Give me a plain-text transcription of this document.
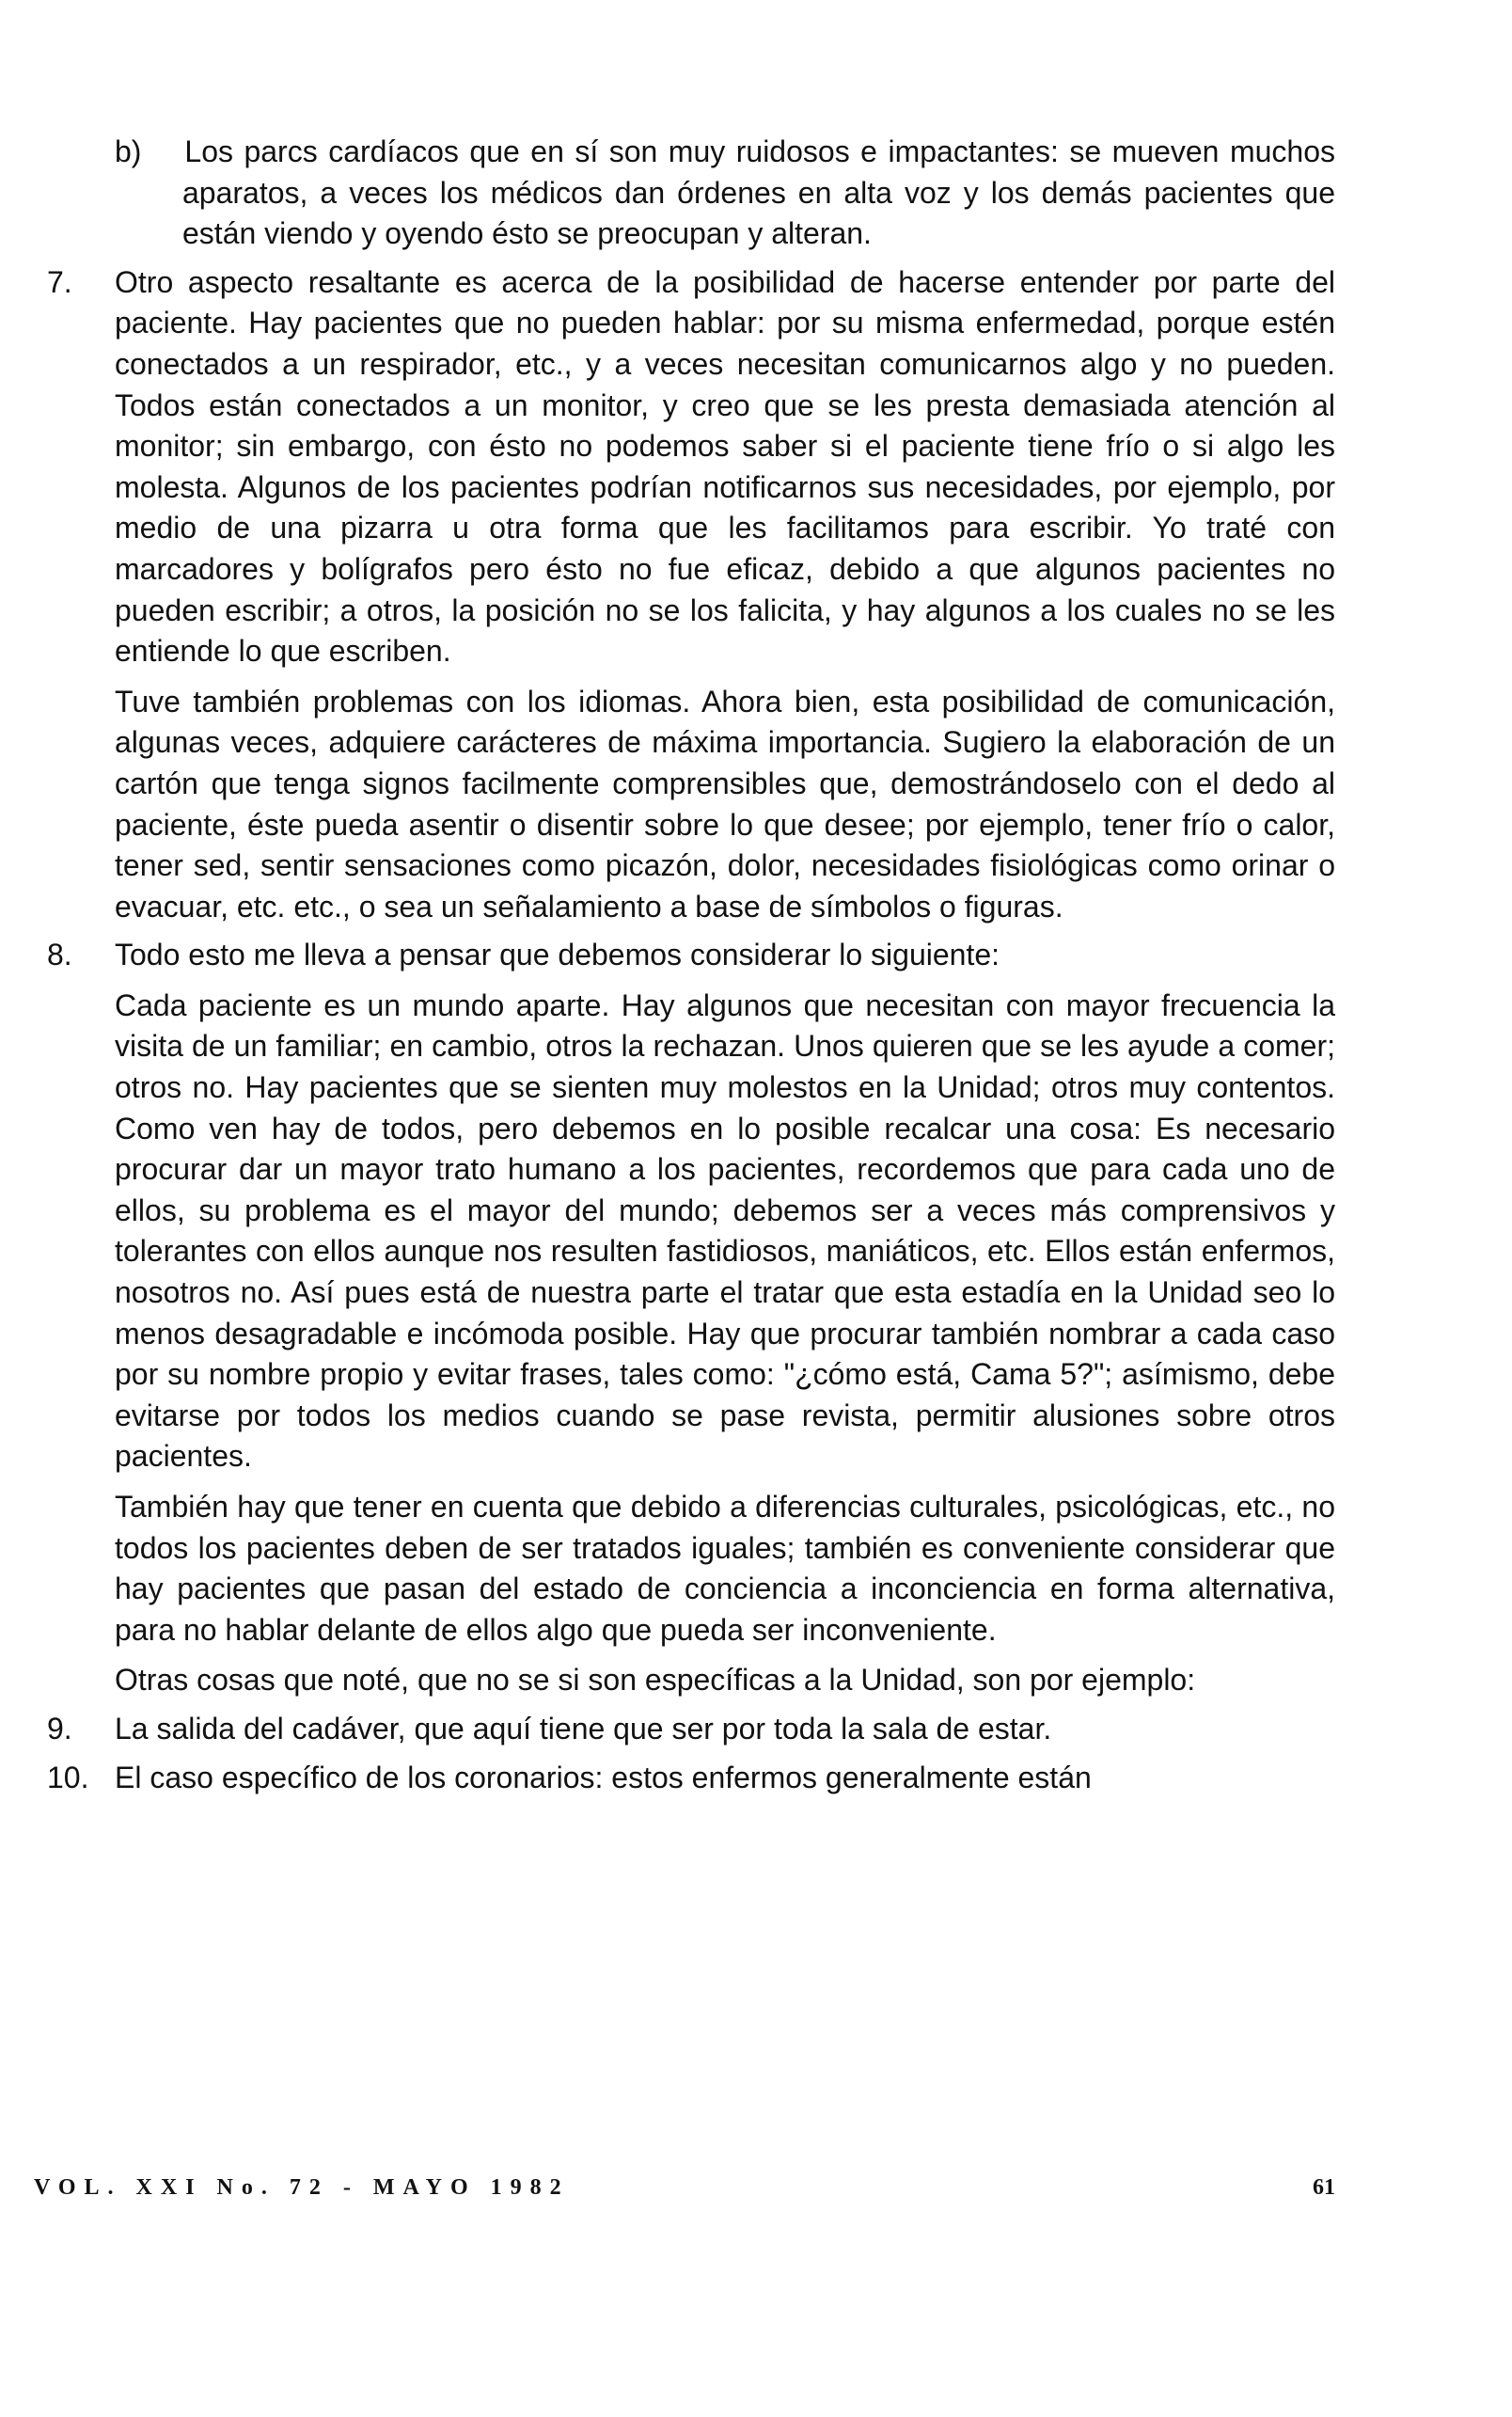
b) Los parcs cardíacos que en sí son muy ruidosos e impactantes: se mueven muchos aparatos, a veces los médicos dan órdenes en alta voz y los demás pacientes que están viendo y oyendo ésto se preocupan y alteran.

7.	Otro aspecto resaltante es acerca de la posibilidad de hacerse entender por parte del paciente. Hay pacientes que no pueden hablar: por su misma enfermedad, porque estén conectados a un respirador, etc., y a veces necesitan comunicarnos algo y no pueden. Todos están conectados a un monitor, y creo que se les presta demasiada atención al monitor; sin embargo, con ésto no podemos saber si el paciente tiene frío o si algo les molesta. Algunos de los pacientes podrían notificarnos sus necesidades, por ejemplo, por medio de una pizarra u otra forma que les facilitamos para escribir. Yo traté con marcadores y bolígrafos pero ésto no fue eficaz, debido a que algunos pacientes no pueden escribir; a otros, la posición no se los falicita, y hay algunos a los cuales no se les entiende lo que escriben.

Tuve también problemas con los idiomas. Ahora bien, esta posibilidad de comunicación, algunas veces, adquiere carácteres de máxima importancia. Sugiero la elaboración de un cartón que tenga signos facilmente comprensibles que, demostrándoselo con el dedo al paciente, éste pueda asentir o disentir sobre lo que desee; por ejemplo, tener frío o calor, tener sed, sentir sensaciones como picazón, dolor, necesidades fisiológicas como orinar o evacuar, etc. etc., o sea un señalamiento a base de símbolos o figuras.

8.	Todo esto me lleva a pensar que debemos considerar lo siguiente:

Cada paciente es un mundo aparte. Hay algunos que necesitan con mayor frecuencia la visita de un familiar; en cambio, otros la rechazan. Unos quieren que se les ayude a comer; otros no. Hay pacientes que se sienten muy molestos en la Unidad; otros muy contentos. Como ven hay de todos, pero debemos en lo posible recalcar una cosa: Es necesario procurar dar un mayor trato humano a los pacientes, recordemos que para cada uno de ellos, su problema es el mayor del mundo; debemos ser a veces más comprensivos y tolerantes con ellos aunque nos resulten fastidiosos, maniáticos, etc. Ellos están enfermos, nosotros no. Así pues está de nuestra parte el tratar que esta estadía en la Unidad seo lo menos desagradable e incómoda posible. Hay que procurar también nombrar a cada caso por su nombre propio y evitar frases, tales como: "¿cómo está, Cama 5?"; asímismo, debe evitarse por todos los medios cuando se pase revista, permitir alusiones sobre otros pacientes.

También hay que tener en cuenta que debido a diferencias culturales, psicológicas, etc., no todos los pacientes deben de ser tratados iguales; también es conveniente considerar que hay pacientes que pasan del estado de conciencia a inconciencia en forma alternativa, para no hablar delante de ellos algo que pueda ser inconveniente.

Otras cosas que noté, que no se si son específicas a la Unidad, son por ejemplo:

9.	La salida del cadáver, que aquí tiene que ser por toda la sala de estar.

10. El caso específico de los coronarios: estos enfermos generalmente están

VOL. XXI No. 72 - MAYO 1982	61
